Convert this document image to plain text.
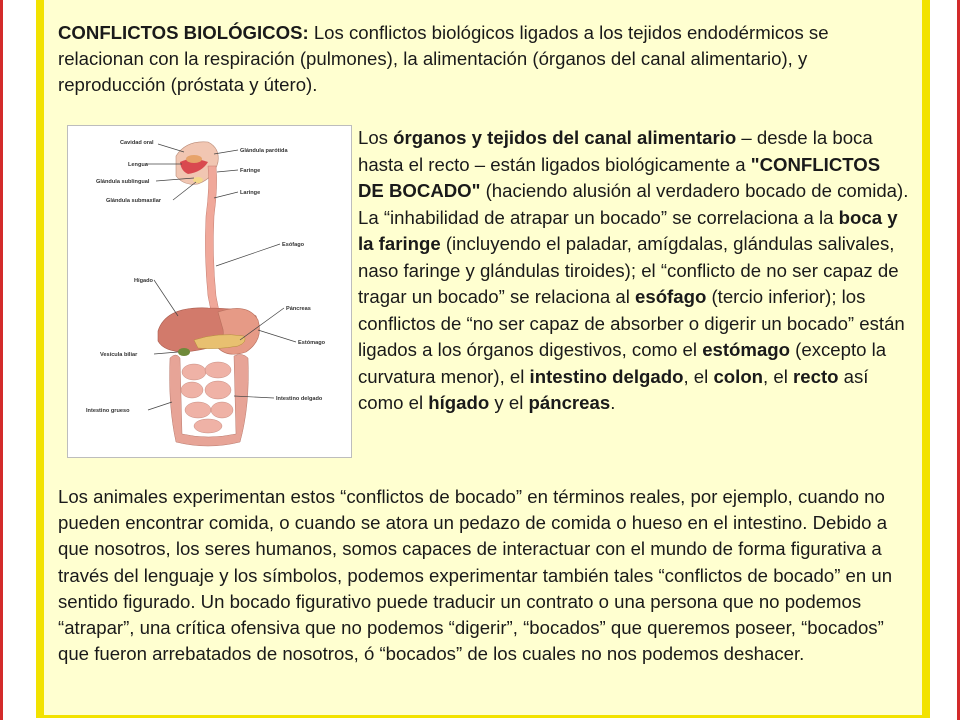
CONFLICTOS BIOLÓGICOS: Los conflictos biológicos ligados a los tejidos endodérmicos se relacionan con la respiración (pulmones), la alimentación (órganos del canal alimentario), y reproducción (próstata y útero).

Cavidad oral
Glándula parótida
Lengua
Faringe
Glándula sublingual
Laringe
Glándula submaxilar
Esófago
Hígado
Páncreas
Estómago
Vesícula biliar
Intestino delgado
Intestino grueso

Los órganos y tejidos del canal alimentario – desde la boca hasta el recto – están ligados biológicamente a "CONFLICTOS DE BOCADO" (haciendo alusión al verdadero bocado de comida). La “inhabilidad de atrapar un bocado” se correlaciona a la boca y la faringe (incluyendo el paladar, amígdalas, glándulas salivales, naso faringe y glándulas tiroides); el “conflicto de no ser capaz de tragar un bocado” se relaciona al esófago (tercio inferior); los conflictos de “no ser capaz de absorber o digerir un bocado” están ligados a los órganos digestivos, como el estómago (excepto la curvatura menor), el intestino delgado, el colon, el recto así como el hígado y el páncreas.

Los animales experimentan estos “conflictos de bocado” en términos reales, por ejemplo, cuando no pueden encontrar comida, o cuando se atora un pedazo de comida o hueso en el intestino. Debido a que nosotros, los seres humanos, somos capaces de interactuar con el mundo de forma figurativa a través del lenguaje y los símbolos, podemos experimentar también tales “conflictos de bocado” en un sentido figurado. Un bocado figurativo puede traducir un contrato o una persona que no podemos “atrapar”, una crítica ofensiva que no podemos “digerir”, “bocados” que queremos poseer, “bocados” que fueron arrebatados de nosotros, ó “bocados” de los cuales no nos podemos deshacer.
